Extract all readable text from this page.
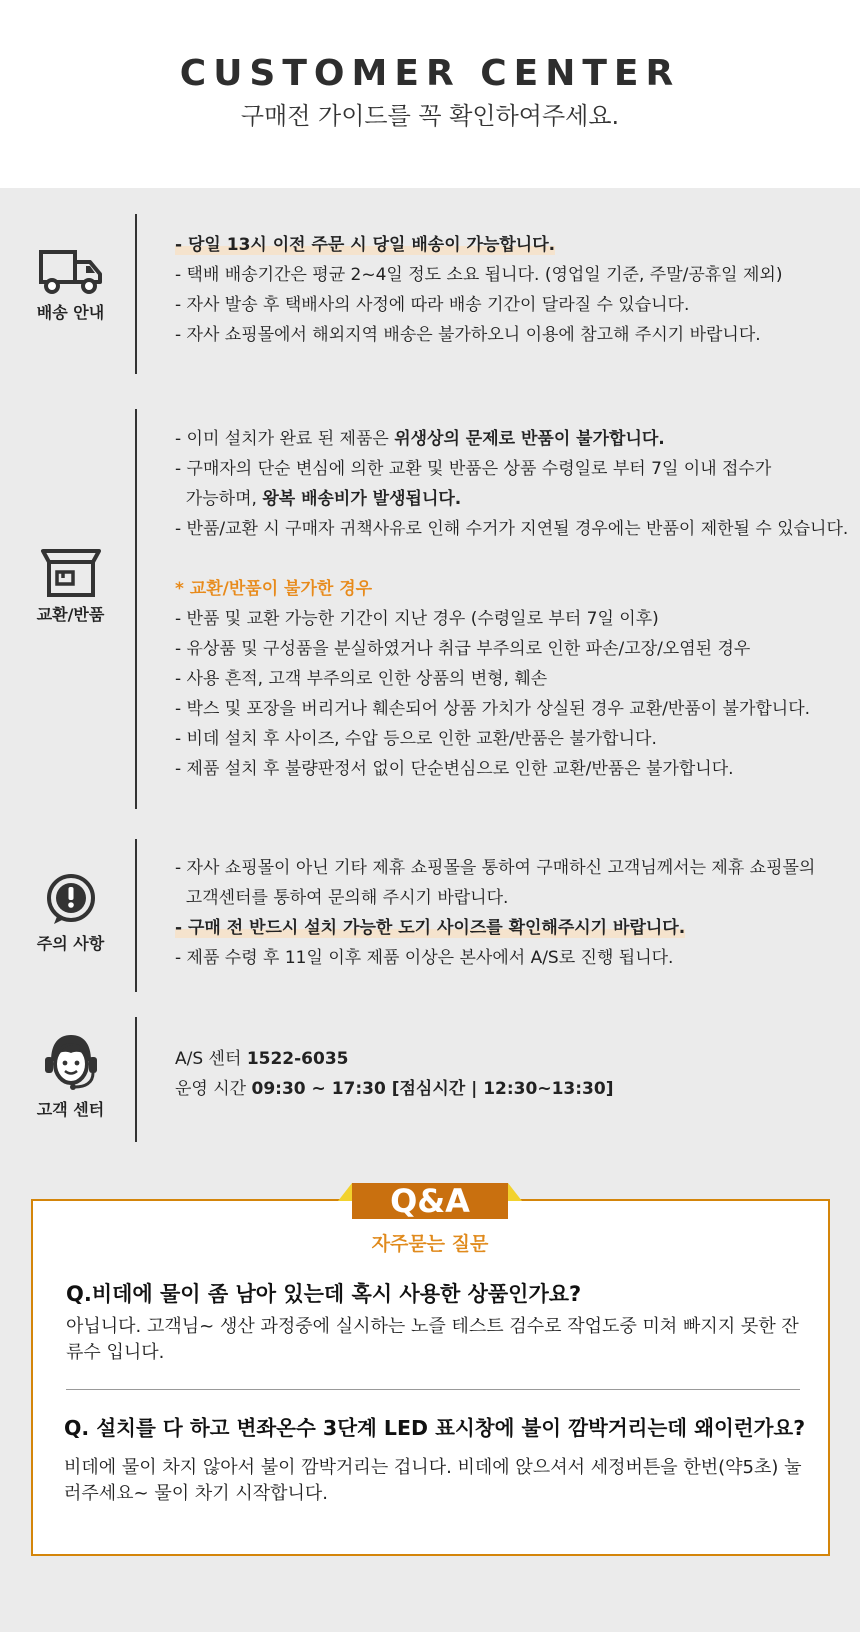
CUSTOMER CENTER
구매전 가이드를 꼭 확인하여주세요.
배송 안내
- 당일 13시 이전 주문 시 당일 배송이 가능합니다.
- 택배 배송기간은 평균 2~4일 정도 소요 됩니다. (영업일 기준, 주말/공휴일 제외)
- 자사 발송 후 택배사의 사정에 따라 배송 기간이 달라질 수 있습니다.
- 자사 쇼핑몰에서 해외지역 배송은 불가하오니 이용에 참고해 주시기 바랍니다.
교환/반품
- 이미 설치가 완료 된 제품은 위생상의 문제로 반품이 불가합니다.
- 구매자의 단순 변심에 의한 교환 및 반품은 상품 수령일로 부터 7일 이내 접수가
가능하며, 왕복 배송비가 발생됩니다.
- 반품/교환 시 구매자 귀책사유로 인해 수거가 지연될 경우에는 반품이 제한될 수 있습니다.
* 교환/반품이 불가한 경우
- 반품 및 교환 가능한 기간이 지난 경우 (수령일로 부터 7일 이후)
- 유상품 및 구성품을 분실하였거나 취급 부주의로 인한 파손/고장/오염된 경우
- 사용 흔적, 고객 부주의로 인한 상품의 변형, 훼손
- 박스 및 포장을 버리거나 훼손되어 상품 가치가 상실된 경우 교환/반품이 불가합니다.
- 비데 설치 후 사이즈, 수압 등으로 인한 교환/반품은 불가합니다.
- 제품 설치 후 불량판정서 없이 단순변심으로 인한 교환/반품은 불가합니다.
주의 사항
- 자사 쇼핑몰이 아닌 기타 제휴 쇼핑몰을 통하여 구매하신 고객님께서는 제휴 쇼핑몰의
고객센터를 통하여 문의해 주시기 바랍니다.
- 구매 전 반드시 설치 가능한 도기 사이즈를 확인해주시기 바랍니다.
- 제품 수령 후 11일 이후 제품 이상은 본사에서 A/S로 진행 됩니다.
고객 센터
A/S 센터 1522-6035
운영 시간 09:30 ~ 17:30 [점심시간 | 12:30~13:30]
Q&A
자주묻는 질문
Q.비데에 물이 좀 남아 있는데 혹시 사용한 상품인가요?
아닙니다. 고객님~ 생산 과정중에 실시하는 노즐 테스트 검수로 작업도중 미쳐 빠지지 못한 잔류수 입니다.
Q. 설치를 다 하고 변좌온수 3단계 LED 표시창에 불이 깜박거리는데 왜이런가요?
비데에 물이 차지 않아서 불이 깜박거리는 겁니다. 비데에 앉으셔서 세정버튼을 한번(약5초) 눌러주세요~ 물이 차기 시작합니다.
